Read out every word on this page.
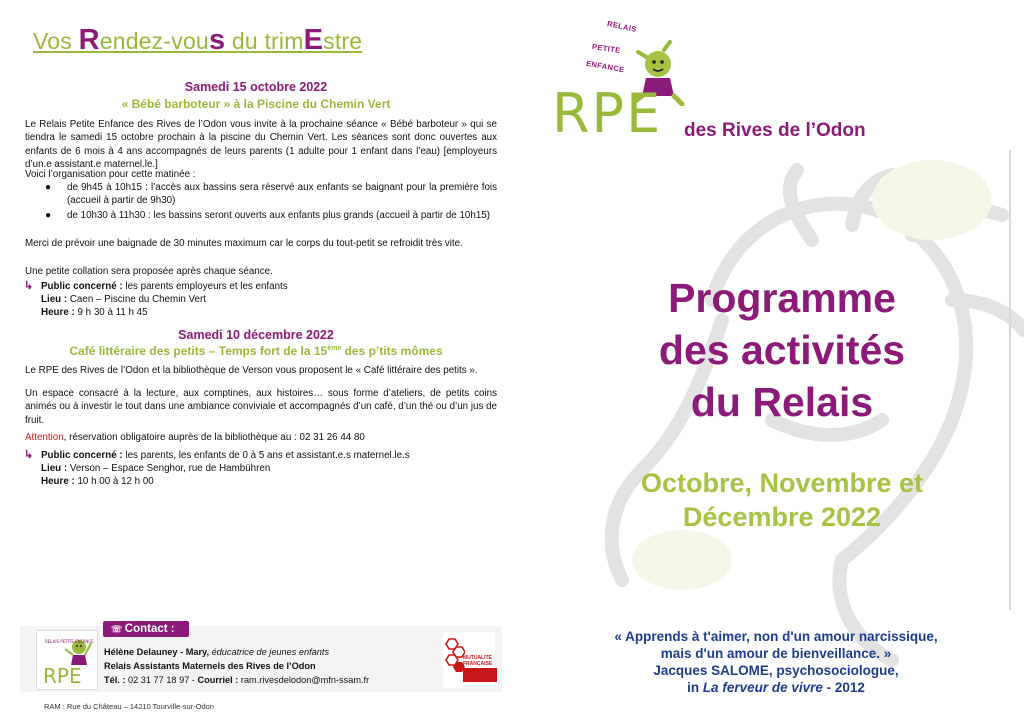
Vos Rendez-vous du trimEstre
Samedi 15 octobre 2022
« Bébé barboteur » à la Piscine du Chemin Vert
Le Relais Petite Enfance des Rives de l’Odon vous invite à la prochaine séance « Bébé barboteur » qui se tiendra le samedi 15 octobre prochain à la piscine du Chemin Vert. Les séances sont donc ouvertes aux enfants de 6 mois à 4 ans accompagnés de leurs parents (1 adulte pour 1 enfant dans l’eau) [employeurs d’un.e assistant.e maternel.le.]
Voici l’organisation pour cette matinée :
● de 9h45 à 10h15 : l’accès aux bassins sera réservé aux enfants se baignant pour la première fois (accueil à partir de 9h30)
● de 10h30 à 11h30 : les bassins seront ouverts aux enfants plus grands (accueil à partir de 10h15)
Merci de prévoir une baignade de 30 minutes maximum car le corps du tout-petit se refroidit très vite.
Une petite collation sera proposée après chaque séance.
↳ Public concerné : les parents employeurs et les enfants
Lieu : Caen – Piscine du Chemin Vert
Heure : 9 h 30 à 11 h 45
Samedi 10 décembre 2022
Café littéraire des petits – Temps fort de la 15ème des p’tits mômes
Le RPE des Rives de l’Odon et la bibliothèque de Verson vous proposent le « Café littéraire des petits ».
Un espace consacré à la lecture, aux comptines, aux histoires… sous forme d’ateliers, de petits coins animés ou à investir le tout dans une ambiance conviviale et accompagnés d’un café, d’un thé ou d’un jus de fruit.
Attention, réservation obligatoire auprès de la bibliothèque au : 02 31 26 44 80
↳ Public concerné : les parents, les enfants de 0 à 5 ans et assistant.e.s maternel.le.s
Lieu : Verson – Espace Senghor, rue de Hambühren
Heure : 10 h 00 à 12 h 00
☏ Contact :
RPE
RELAIS PETITE ENFANCE
Hélène Delauney - Mary, éducatrice de jeunes enfants
Relais Assistants Maternels des Rives de l’Odon
Tél. : 02 31 77 18 97 - Courriel : ram.rivesdelodon@mfn-ssam.fr
MUTUALITÉ FRANÇAISE
RAM : Rue du Château – 14210 Tourville-sur-Odon
RELAIS
PETITE
ENFANCE
RPE des Rives de l’Odon
Programme
des activités
du Relais
Octobre, Novembre et
Décembre 2022
« Apprends à t'aimer, non d'un amour narcissique,
mais d'un amour de bienveillance. »
Jacques SALOME, psychosociologue,
in La ferveur de vivre - 2012
